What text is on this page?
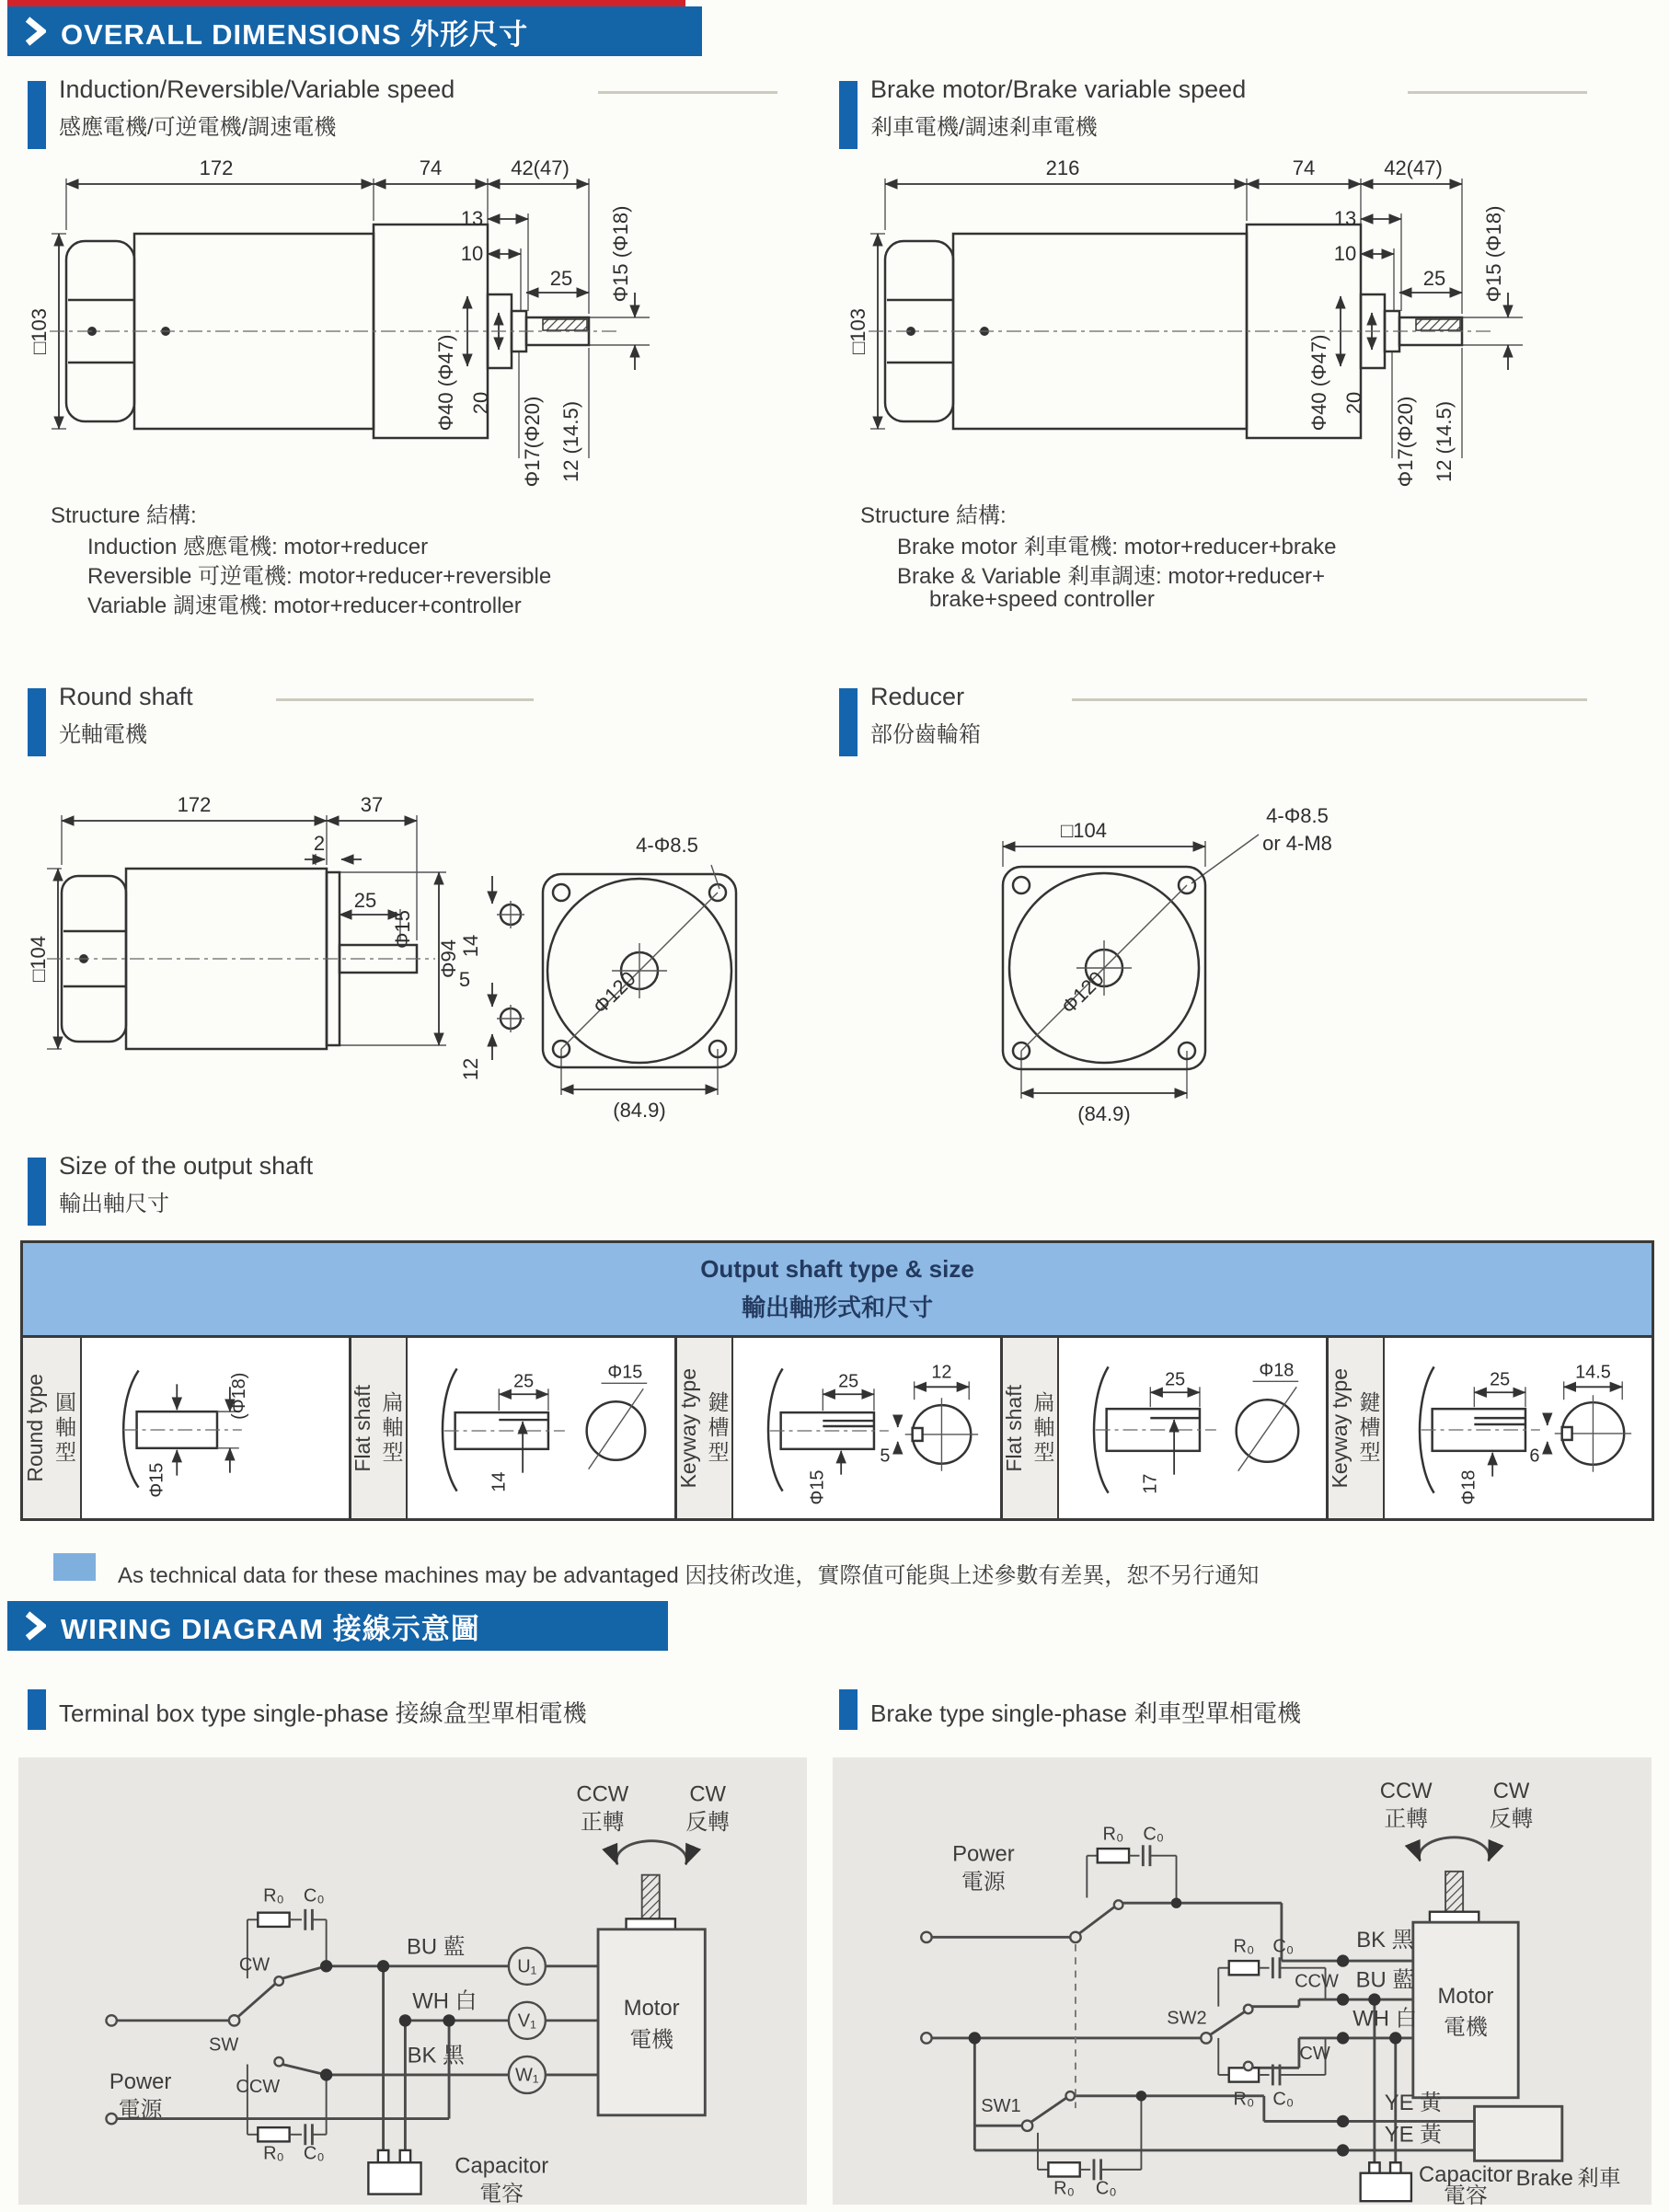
OVERALL DIMENSIONS 外形尺寸
Induction/Reversible/Variable speed
感應電機/可逆電機/調速電機
Brake motor/Brake variable speed
剎車電機/調速剎車電機
172	74	42(47)
13
10
25 Φ15 (Φ18)
□103
Φ40 (Φ47) 20 Φ17(Φ20) 12 (14.5)
216	74	42(47)
13
10
25 Φ15 (Φ18)
□103
Φ40 (Φ47) 20 Φ17(Φ20) 12 (14.5)
Structure 結構:
Induction 感應電機: motor+reducer
Reversible 可逆電機: motor+reducer+reversible
Variable 調速電機: motor+reducer+controller
Structure 結構:
Brake motor 剎車電機: motor+reducer+brake
Brake & Variable 剎車調速: motor+reducer+
brake+speed controller
Round shaft
光軸電機
Reducer
部份齒輪箱
172	37
2
25
Φ15
□104	Φ94 14
5
12
4-Φ8.5
Φ120
(84.9)
□104
4-Φ8.5
or 4-M8
Φ120
(84.9)
Size of the output shaft
輸出軸尺寸
Output shaft type & size
輸出軸形式和尺寸
Round type 圓軸型	(Φ18)
Φ15
Flat shaft 扁軸型
Φ15
25
14	Keyway type 鍵槽型
25	12
Φ15
5	Flat shaft 扁軸型
Φ18
25
17	Keyway type 鍵槽型
25	14.5
Φ18
6
As technical data for these machines may be advantaged 因技術改進，實際值可能與上述參數有差異，恕不另行通知
WIRING DIAGRAM 接線示意圖
Terminal box type single-phase 接線盒型單相電機	Brake type single-phase 剎車型單相電機
CCW
正轉
CW
反轉
Motor
電機
U₁
V₁
W₁
BU 藍
WH 白
BK 黑
R₀ C₀
R₀ C₀
CW
SW
CCW
Power
電源
Capacitor
電容
CCW
正轉
CW
反轉
Motor
電機
Brake 剎車
BK 黑
BU 藍
WH 白
YE 黃
YE 黃
R₀ C₀
R₀ C₀
R₀ C₀
R₀ C₀
CCW
CW
SW2
SW1
Power
電源
Capacitor
電容
